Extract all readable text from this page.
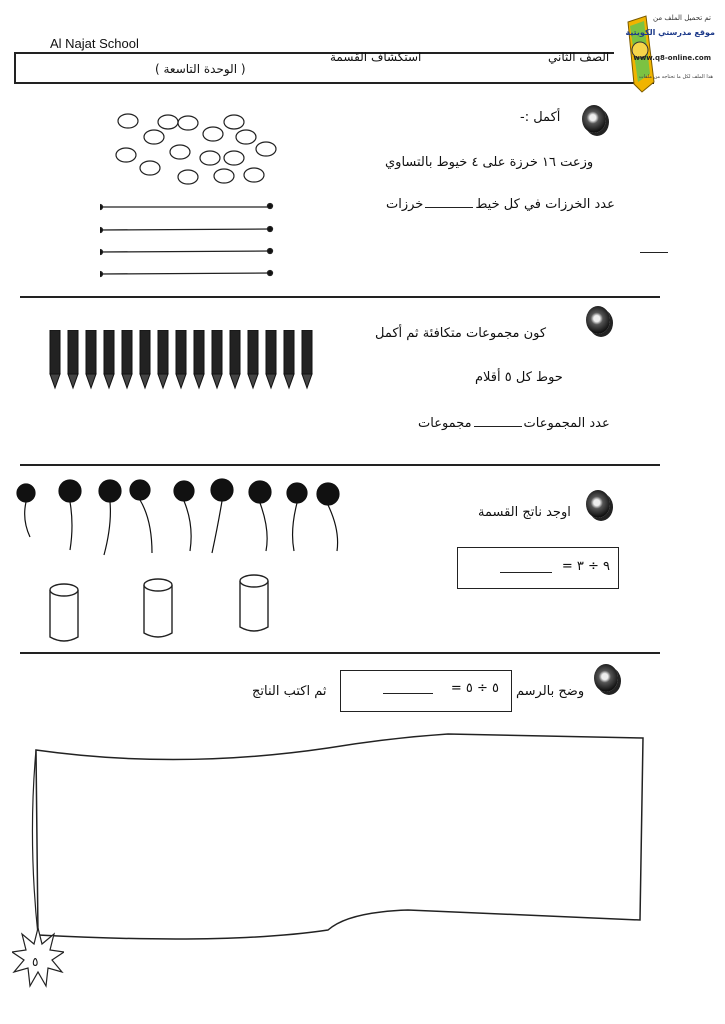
Al Najat School
الصف الثاني
استكشاف القسمة
( الوحدة التاسعة )
تم تحميل الملف من
موقع مدرستي الكويتية
www.q8-online.com
هذا الملف لكل ما تحتاجه من ملفات
أكمل :-
وزعت ١٦ خرزة على ٤ خيوط بالتساوي
عدد الخرزات في كل خيطخرزات
كون مجموعات متكافئة ثم أكمل
حوط كل ٥ أقلام
عدد المجموعاتمجموعات
اوجد ناتج القسمة
٩ ÷ ٣ =
وضح بالرسم
٥ ÷ ٥ =
ثم اكتب الناتج
٥
